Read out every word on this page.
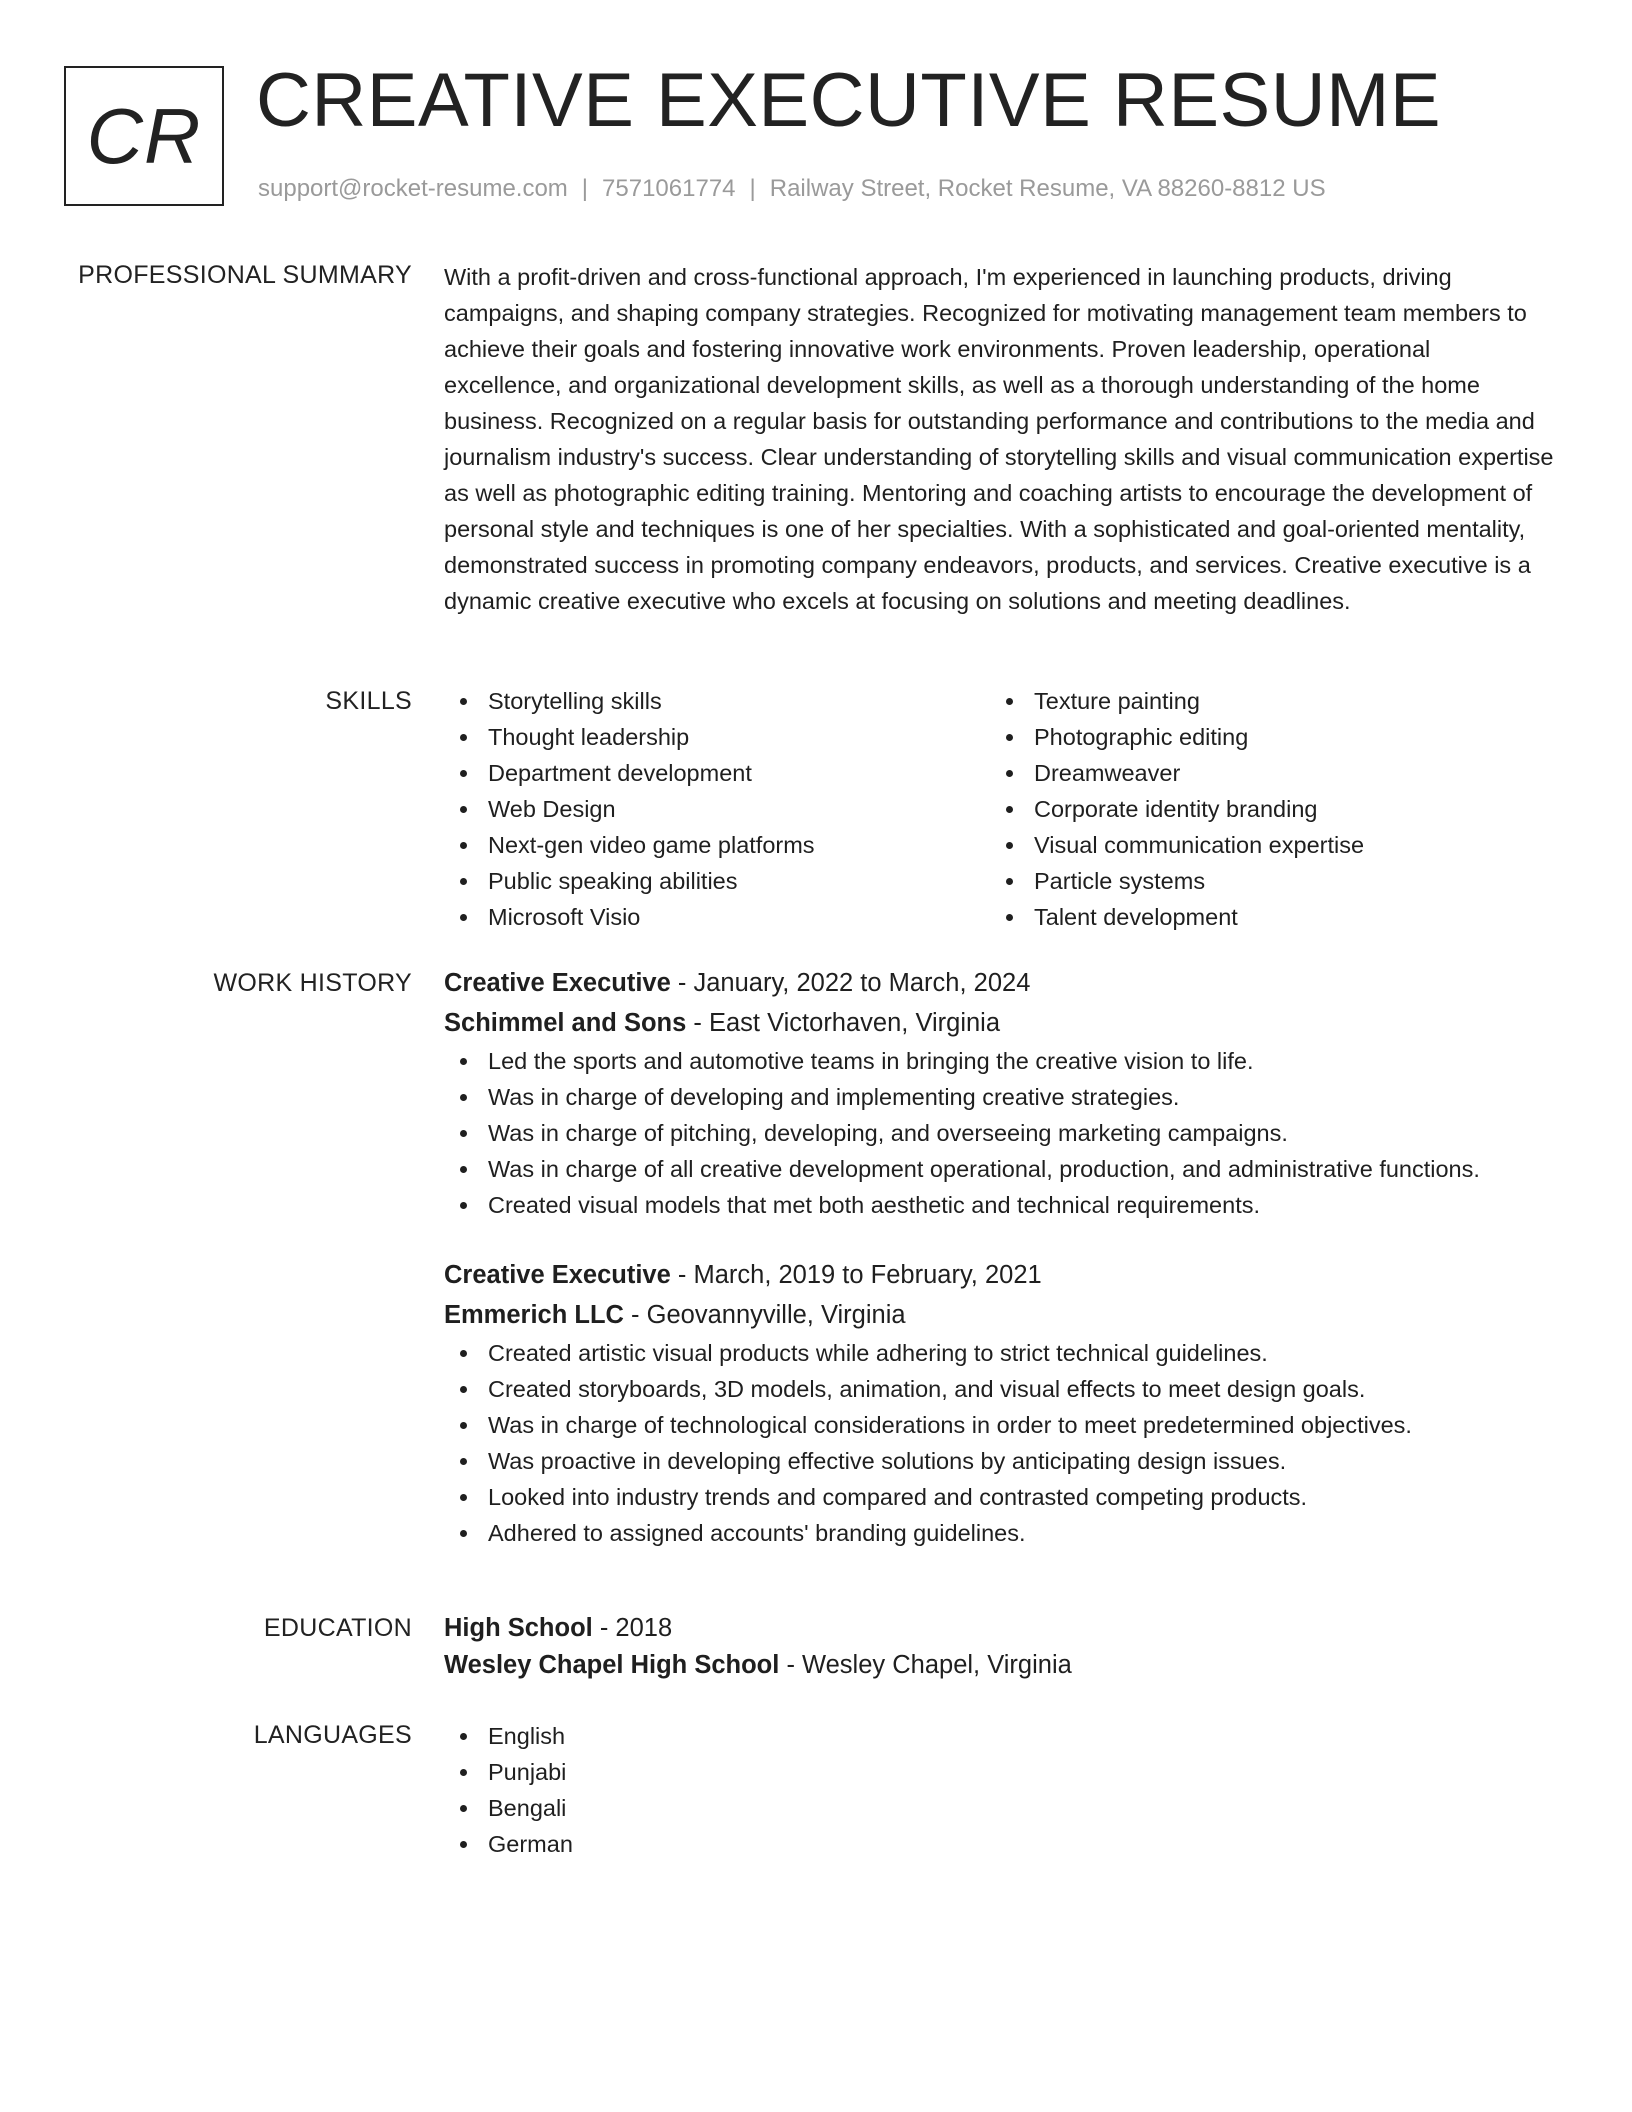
CR CREATIVE EXECUTIVE RESUME
support@rocket-resume.com | 7571061774 | Railway Street, Rocket Resume, VA 88260-8812 US
PROFESSIONAL SUMMARY With a profit-driven and cross-functional approach, I'm experienced in launching products, driving campaigns, and shaping company strategies. Recognized for motivating management team members to achieve their goals and fostering innovative work environments. Proven leadership, operational excellence, and organizational development skills, as well as a thorough understanding of the home business. Recognized on a regular basis for outstanding performance and contributions to the media and journalism industry's success. Clear understanding of storytelling skills and visual communication expertise as well as photographic editing training. Mentoring and coaching artists to encourage the development of personal style and techniques is one of her specialties. With a sophisticated and goal-oriented mentality, demonstrated success in promoting company endeavors, products, and services. Creative executive is a dynamic creative executive who excels at focusing on solutions and meeting deadlines.

SKILLS	Storytelling skills
Thought leadership
Department development
Web Design
Next-gen video game platforms
Public speaking abilities
Microsoft Visio
Texture painting
Photographic editing
Dreamweaver
Corporate identity branding
Visual communication expertise
Particle systems
Talent development
WORK HISTORY Creative Executive - January, 2022 to March, 2024
Schimmel and Sons - East Victorhaven, Virginia
Led the sports and automotive teams in bringing the creative vision to life.
Was in charge of developing and implementing creative strategies.
Was in charge of pitching, developing, and overseeing marketing campaigns.
Was in charge of all creative development operational, production, and administrative functions.
Created visual models that met both aesthetic and technical requirements.
Creative Executive - March, 2019 to February, 2021
Emmerich LLC - Geovannyville, Virginia
Created artistic visual products while adhering to strict technical guidelines.
Created storyboards, 3D models, animation, and visual effects to meet design goals.
Was in charge of technological considerations in order to meet predetermined objectives.
Was proactive in developing effective solutions by anticipating design issues.
Looked into industry trends and compared and contrasted competing products.
Adhered to assigned accounts' branding guidelines.
EDUCATION High School - 2018
Wesley Chapel High School - Wesley Chapel, Virginia
LANGUAGES	English
Punjabi
Bengali
German
